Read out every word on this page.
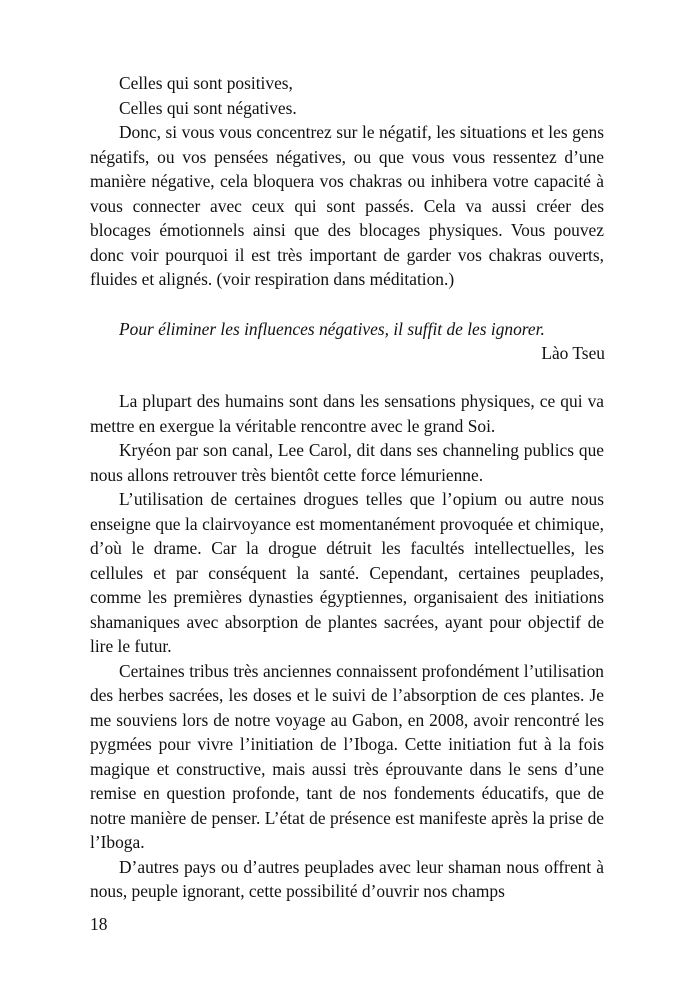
Celles qui sont positives,

Celles qui sont négatives.

Donc, si vous vous concentrez sur le négatif, les situations et les gens négatifs, ou vos pensées négatives, ou que vous vous ressentez d’une manière négative, cela bloquera vos chakras ou inhibera votre capacité à vous connecter avec ceux qui sont passés. Cela va aussi créer des blocages émotionnels ainsi que des blocages physiques. Vous pouvez donc voir pourquoi il est très important de garder vos chakras ouverts, fluides et alignés. (voir respiration dans méditation.)

Pour éliminer les influences négatives, il suffit de les ignorer.
Lào Tseu

La plupart des humains sont dans les sensations physiques, ce qui va mettre en exergue la véritable rencontre avec le grand Soi.

Kryéon par son canal, Lee Carol, dit dans ses channeling publics que nous allons retrouver très bientôt cette force lémurienne.

L’utilisation de certaines drogues telles que l’opium ou autre nous enseigne que la clairvoyance est momentanément provoquée et chimique, d’où le drame. Car la drogue détruit les facultés intellectuelles, les cellules et par conséquent la santé. Cependant, certaines peuplades, comme les premières dynasties égyptiennes, organisaient des initiations shamaniques avec absorption de plantes sacrées, ayant pour objectif de lire le futur.

Certaines tribus très anciennes connaissent profondément l’utilisation des herbes sacrées, les doses et le suivi de l’absorption de ces plantes. Je me souviens lors de notre voyage au Gabon, en 2008, avoir rencontré les pygmées pour vivre l’initiation de l’Iboga. Cette initiation fut à la fois magique et constructive, mais aussi très éprouvante dans le sens d’une remise en question profonde, tant de nos fondements éducatifs, que de notre manière de penser. L’état de présence est manifeste après la prise de l’Iboga.

D’autres pays ou d’autres peuplades avec leur shaman nous offrent à nous, peuple ignorant, cette possibilité d’ouvrir nos champs

18
